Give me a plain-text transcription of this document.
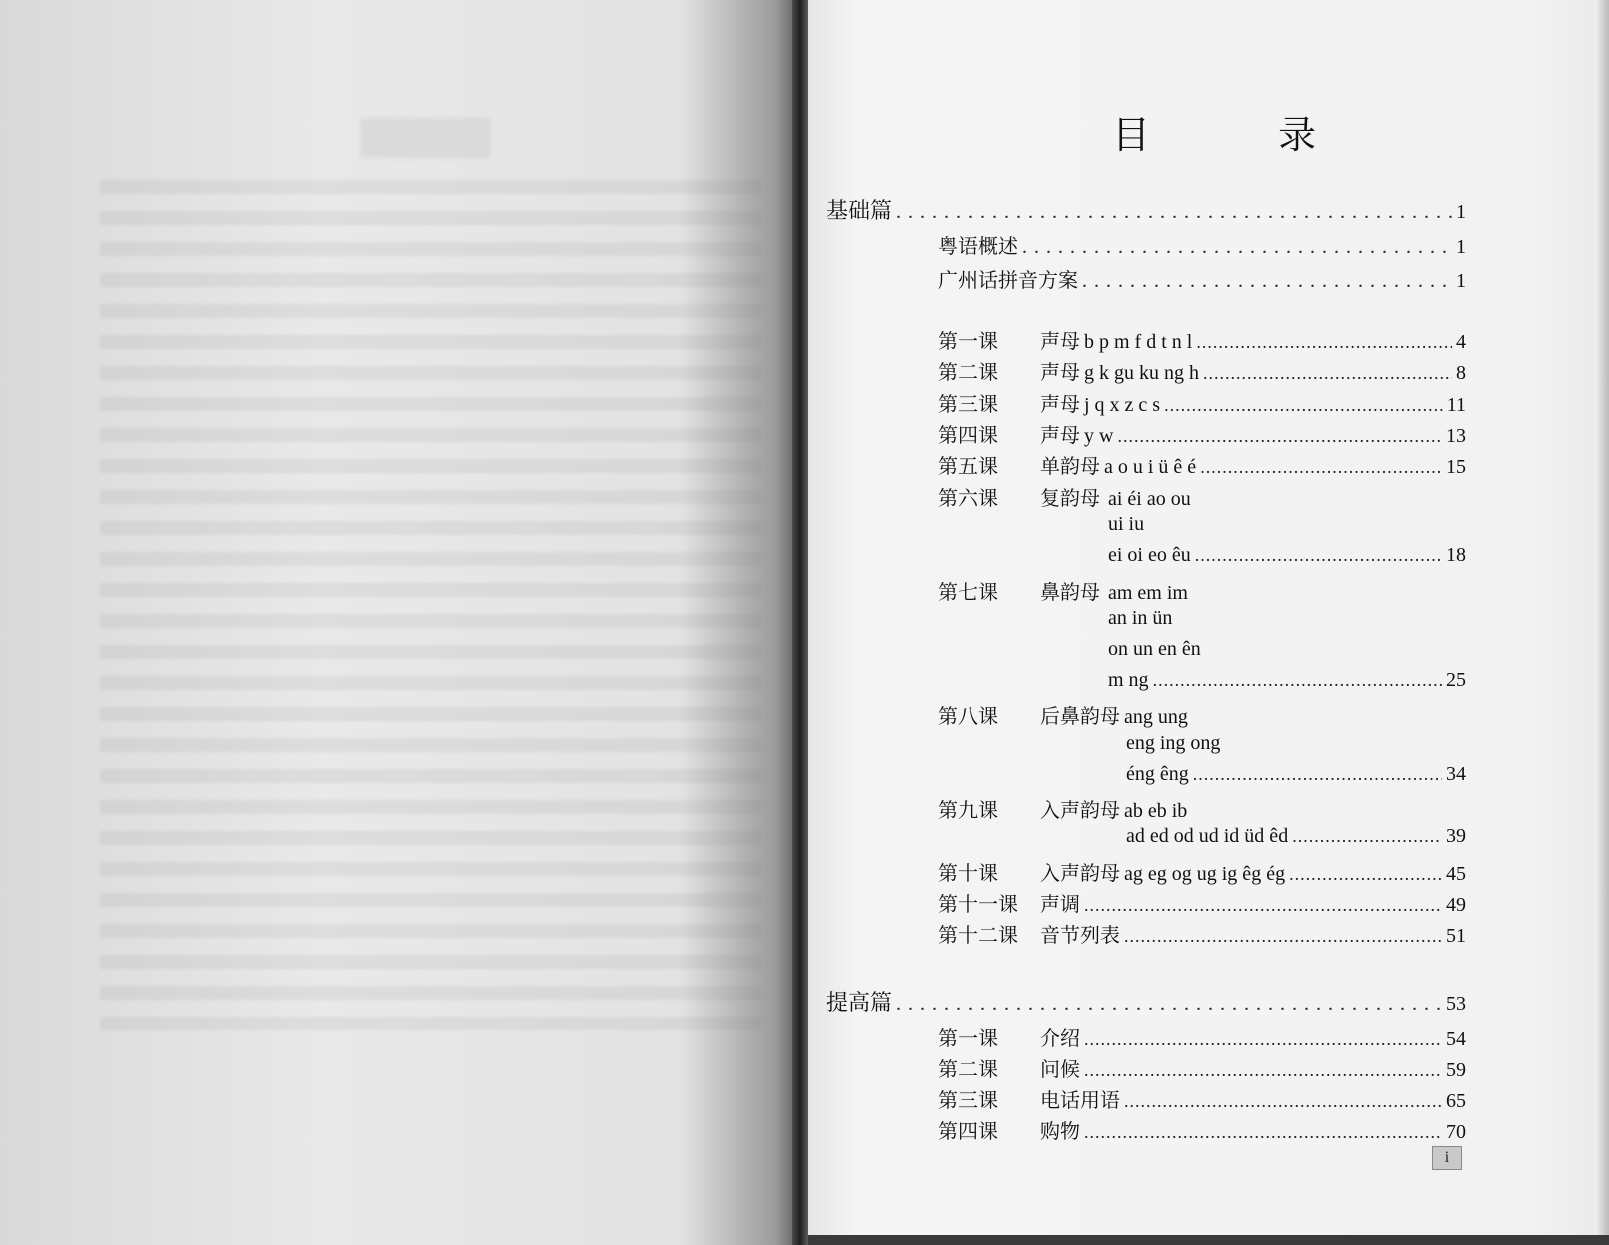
目 录
基础篇 .....	1
粤语概述 .....	1
广州话拼音方案 .....	1
第一课 声母 b p m f d t n l .....	4
第二课 声母 g k gu ku ng h .....	8
第三课 声母 j q x z c s .....	11
第四课 声母 y w .....	13
第五课 单韵母 a o u i ü ê é .....	15
第六课 复韵母 ai éi ao ou
ui iu
ei oi eo êu .....	18
第七课 鼻韵母 am em im
an in ün
on un en ên
m ng .....	25
第八课 后鼻韵母 ang ung
eng ing ong
éng êng .....	34
第九课 入声韵母 ab eb ib
ad ed od ud id üd êd .....	39
第十课 入声韵母 ag eg og ug ig êg ég .....	45
第十一课 声调 .....	49
第十二课 音节列表 .....	51
提高篇 .....	53
第一课 介绍 .....	54
第二课 问候 .....	59
第三课 电话用语 .....	65
第四课 购物 .....	70
i
